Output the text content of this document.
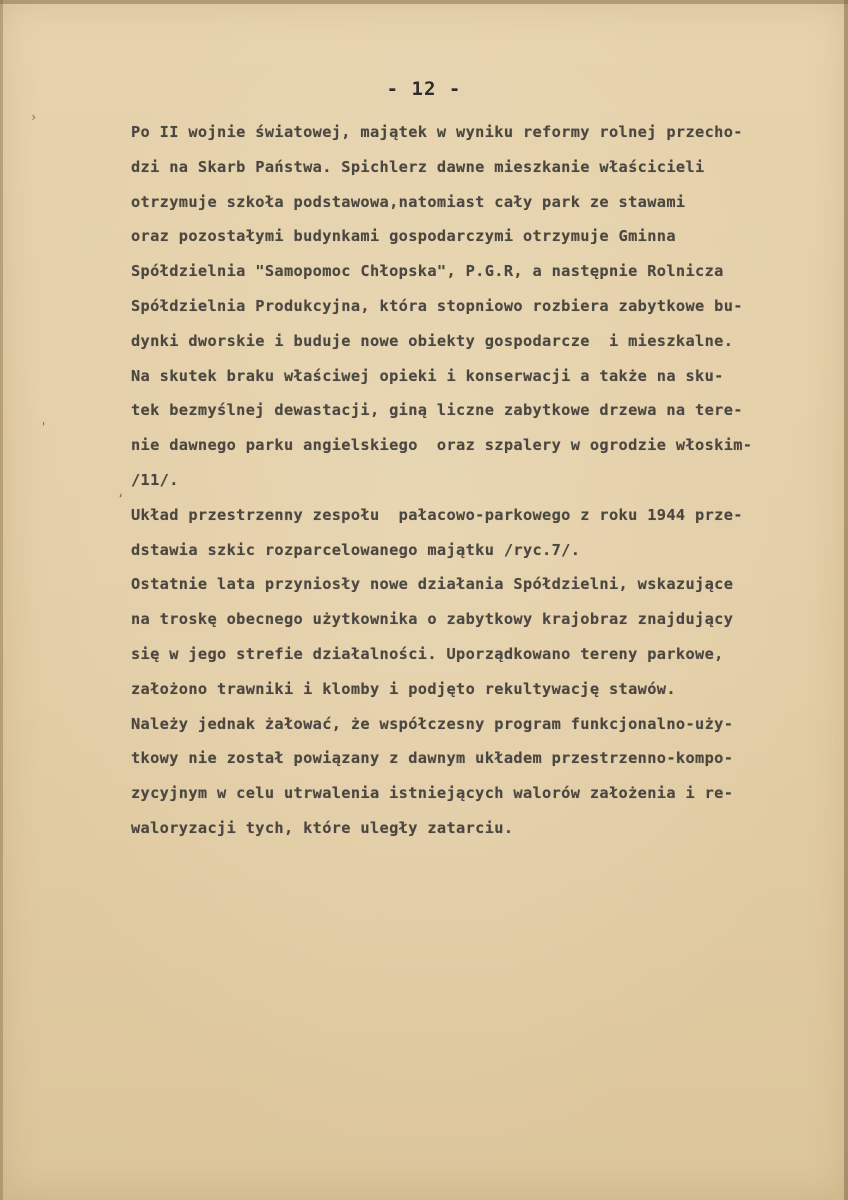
›
'
‘
- 12 -
Po II wojnie światowej, majątek w wyniku reformy rolnej przecho-
dzi na Skarb Państwa. Spichlerz dawne mieszkanie właścicieli
otrzymuje szkoła podstawowa,natomiast cały park ze stawami
oraz pozostałymi budynkami gospodarczymi otrzymuje Gminna
Spółdzielnia "Samopomoc Chłopska", P.G.R, a następnie Rolnicza
Spółdzielnia Produkcyjna, która stopniowo rozbiera zabytkowe bu-
dynki dworskie i buduje nowe obiekty gospodarcze  i mieszkalne.
Na skutek braku właściwej opieki i konserwacji a także na sku-
tek bezmyślnej dewastacji, giną liczne zabytkowe drzewa na tere-
nie dawnego parku angielskiego  oraz szpalery w ogrodzie włoskim-
/11/.
Układ przestrzenny zespołu  pałacowo-parkowego z roku 1944 prze-
dstawia szkic rozparcelowanego majątku /ryc.7/.
Ostatnie lata przyniosły nowe działania Spółdzielni, wskazujące
na troskę obecnego użytkownika o zabytkowy krajobraz znajdujący
się w jego strefie działalności. Uporządkowano tereny parkowe,
założono trawniki i klomby i podjęto rekultywację stawów.
Należy jednak żałować, że współczesny program funkcjonalno-uży-
tkowy nie został powiązany z dawnym układem przestrzenno-kompo-
zycyjnym w celu utrwalenia istniejących walorów założenia i re-
waloryzacji tych, które uległy zatarciu.
